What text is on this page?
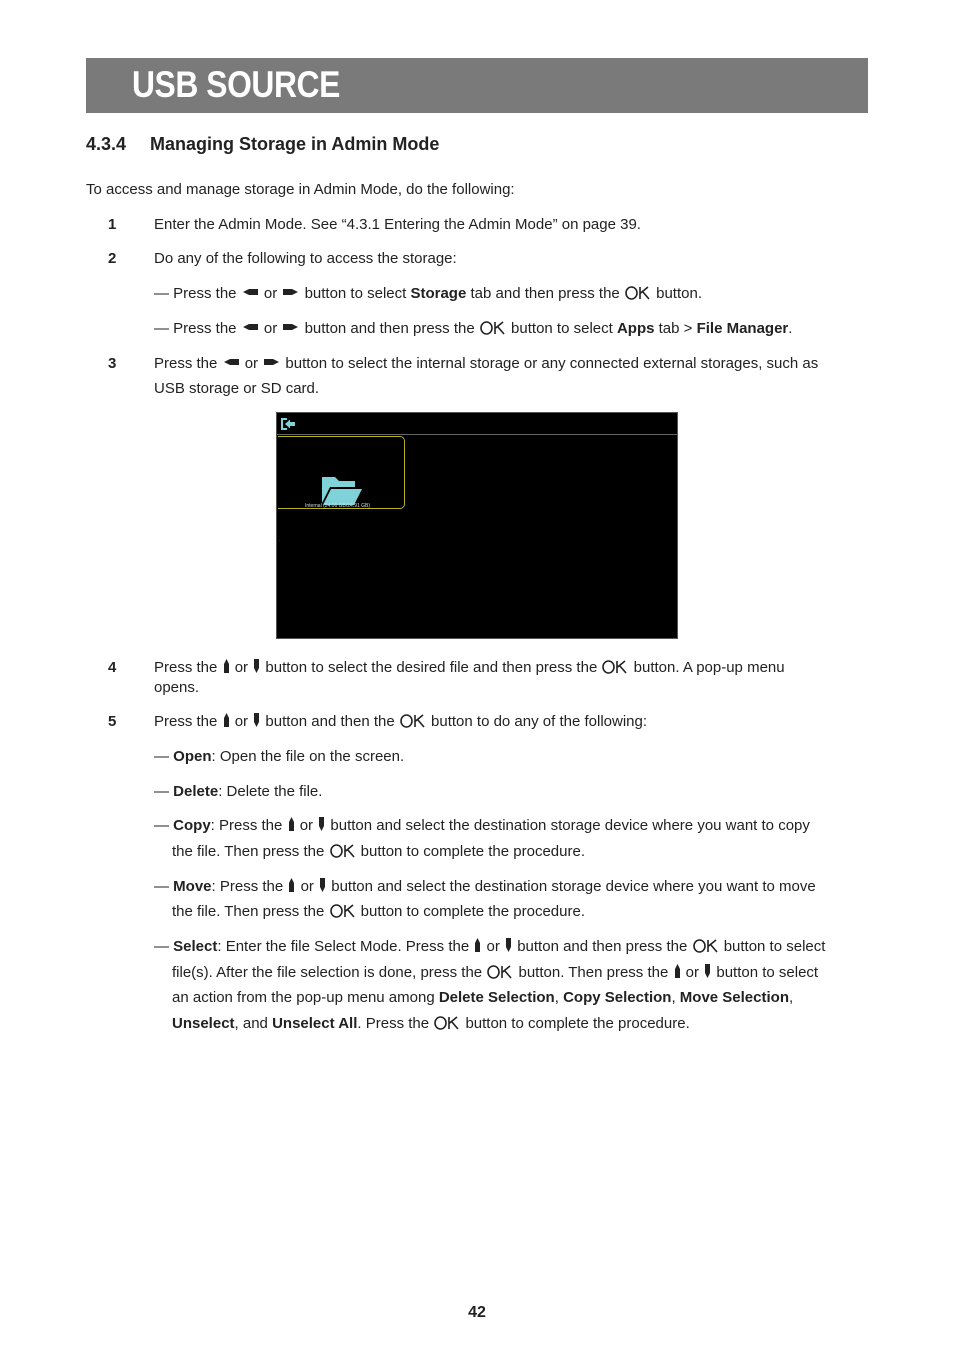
USB SOURCE
4.3.4 Managing Storage in Admin Mode
To access and manage storage in Admin Mode, do the following:
1	Enter the Admin Mode. See “4.3.1 Entering the Admin Mode” on page 39.
2	Do any of the following to access the storage:
— Press the or button to select Storage tab and then press the button.
— Press the or button and then press the button to select Apps tab > File Manager.
3	Press the or button to select the internal storage or any connected external storages, such as
USB storage or SD card.
Internal (24.06 GB/24.91 GB)
·
4	Press the or button to select the desired file and then press the button. A pop-up menu
opens.
5	Press the or button and then the button to do any of the following:
— Open: Open the file on the screen.
— Delete: Delete the file.
— Copy: Press the or button and select the destination storage device where you want to copy
the file. Then press the button to complete the procedure.
— Move: Press the or button and select the destination storage device where you want to move
the file. Then press the button to complete the procedure.
— Select: Enter the file Select Mode. Press the or button and then press the button to select
file(s). After the file selection is done, press the button. Then press the or button to select
an action from the pop-up menu among Delete Selection, Copy Selection, Move Selection,
Unselect, and Unselect All. Press the button to complete the procedure.
42
